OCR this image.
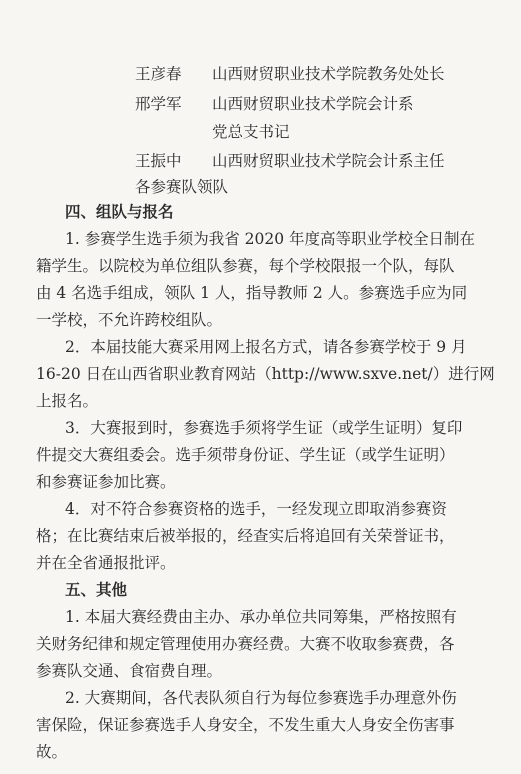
王彦春 山西财贸职业技术学院教务处处长
邢学军 山西财贸职业技术学院会计系
党总支书记
王振中 山西财贸职业技术学院会计系主任
各参赛队领队
四、组队与报名
1. 参赛学生选手须为我省 2020 年度高等职业学校全日制在
籍学生。以院校为单位组队参赛，每个学校限报一个队，每队
由 4 名选手组成，领队 1 人，指导教师 2 人。参赛选手应为同
一学校，不允许跨校组队。
2．本届技能大赛采用网上报名方式，请各参赛学校于 9 月
16-20 日在山西省职业教育网站（http://www.sxve.net/）进行网
上报名。
3．大赛报到时，参赛选手须将学生证（或学生证明）复印
件提交大赛组委会。选手须带身份证、学生证（或学生证明）
和参赛证参加比赛。
4．对不符合参赛资格的选手，一经发现立即取消参赛资
格；在比赛结束后被举报的，经查实后将追回有关荣誉证书，
并在全省通报批评。
五、其他
1. 本届大赛经费由主办、承办单位共同筹集，严格按照有
关财务纪律和规定管理使用办赛经费。大赛不收取参赛费，各
参赛队交通、食宿费自理。
2. 大赛期间，各代表队须自行为每位参赛选手办理意外伤
害保险，保证参赛选手人身安全，不发生重大人身安全伤害事
故。
